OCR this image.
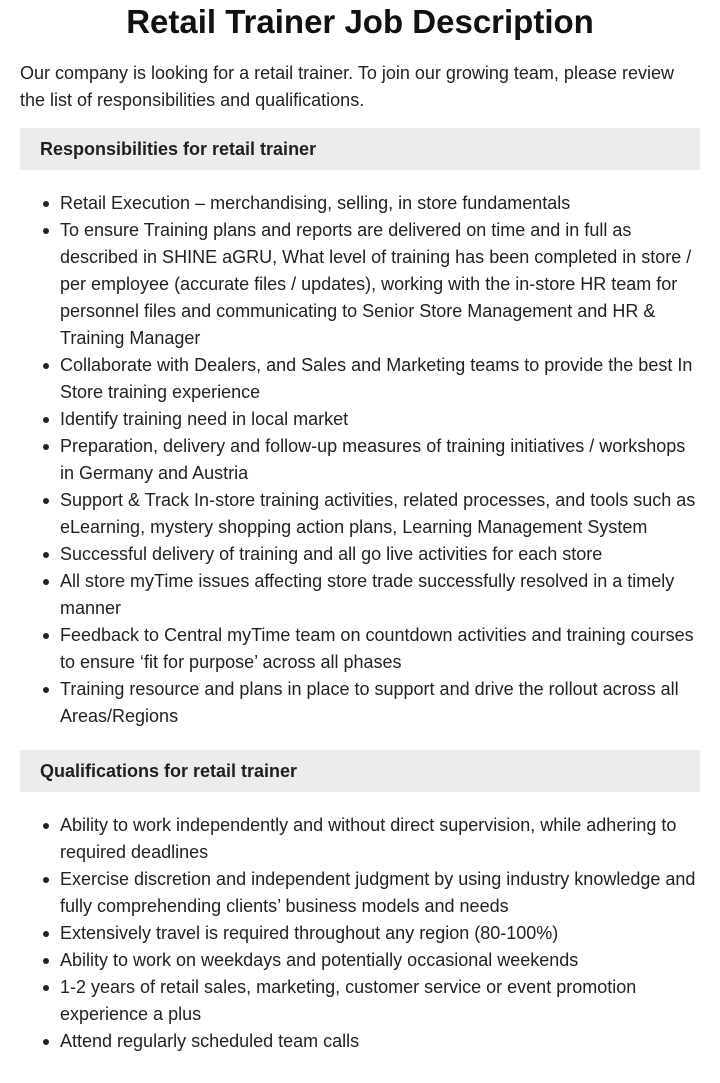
Retail Trainer Job Description

Our company is looking for a retail trainer. To join our growing team, please review the list of responsibilities and qualifications.

Responsibilities for retail trainer
Retail Execution – merchandising, selling, in store fundamentals
To ensure Training plans and reports are delivered on time and in full as described in SHINE aGRU, What level of training has been completed in store / per employee (accurate files / updates), working with the in-store HR team for personnel files and communicating to Senior Store Management and HR & Training Manager
Collaborate with Dealers, and Sales and Marketing teams to provide the best In Store training experience
Identify training need in local market
Preparation, delivery and follow-up measures of training initiatives / workshops in Germany and Austria
Support & Track In-store training activities, related processes, and tools such as eLearning, mystery shopping action plans, Learning Management System
Successful delivery of training and all go live activities for each store
All store myTime issues affecting store trade successfully resolved in a timely manner
Feedback to Central myTime team on countdown activities and training courses to ensure ‘fit for purpose’ across all phases
Training resource and plans in place to support and drive the rollout across all Areas/Regions
Qualifications for retail trainer
Ability to work independently and without direct supervision, while adhering to required deadlines
Exercise discretion and independent judgment by using industry knowledge and fully comprehending clients’ business models and needs
Extensively travel is required throughout any region (80-100%)
Ability to work on weekdays and potentially occasional weekends
1-2 years of retail sales, marketing, customer service or event promotion experience a plus
Attend regularly scheduled team calls
